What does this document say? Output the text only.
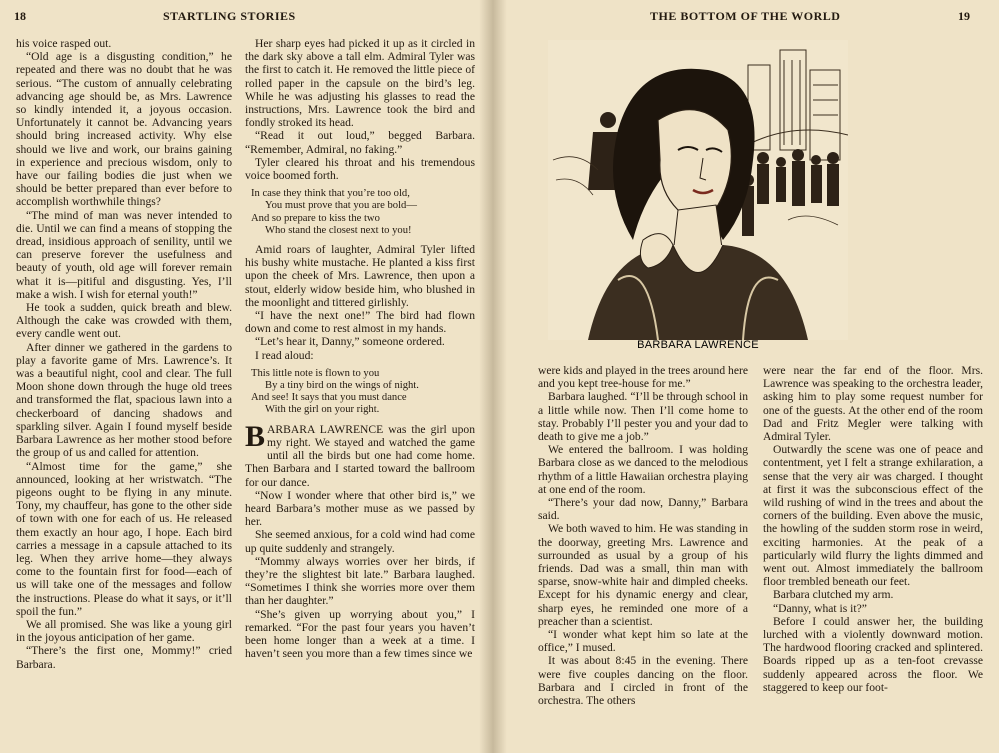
18	STARTLING STORIES

his voice rasped out.

“Old age is a disgusting condition,” he repeated and there was no doubt that he was serious. “The custom of annually celebrating advancing age should be, as Mrs. Lawrence so kindly intended it, a joyous occasion. Unfortunately it cannot be. Advancing years should bring increased activity. Why else should we live and work, our brains gaining in experience and precious wisdom, only to have our failing bodies die just when we should be better prepared than ever before to accomplish worthwhile things?

“The mind of man was never intended to die. Until we can find a means of stopping the dread, insidious approach of senility, until we can preserve forever the usefulness and beauty of youth, old age will forever remain what it is—pitiful and disgusting. Yes, I’ll make a wish. I wish for eternal youth!”

He took a sudden, quick breath and blew. Although the cake was crowded with them, every candle went out.

After dinner we gathered in the gardens to play a favorite game of Mrs. Lawrence’s. It was a beautiful night, cool and clear. The full Moon shone down through the huge old trees and transformed the flat, spacious lawn into a checkerboard of dancing shadows and sparkling silver. Again I found myself beside Barbara Lawrence as her mother stood before the group of us and called for attention.

“Almost time for the game,” she announced, looking at her wristwatch. “The pigeons ought to be flying in any minute. Tony, my chauffeur, has gone to the other side of town with one for each of us. He released them exactly an hour ago, I hope. Each bird carries a message in a capsule attached to its leg. When they arrive home—they always come to the fountain first for food—each of us will take one of the messages and follow the instructions. Please do what it says, or it’ll spoil the fun.”

We all promised. She was like a young girl in the joyous anticipation of her game.

“There’s the first one, Mommy!” cried Barbara.

Her sharp eyes had picked it up as it circled in the dark sky above a tall elm. Admiral Tyler was the first to catch it. He removed the little piece of rolled paper in the capsule on the bird’s leg. While he was adjusting his glasses to read the instructions, Mrs. Lawrence took the bird and fondly stroked its head.

“Read it out loud,” begged Barbara. “Remember, Admiral, no faking.”

Tyler cleared his throat and his tremendous voice boomed forth.

In case they think that you’re too old,
You must prove that you are bold—
And so prepare to kiss the two
Who stand the closest next to you!

Amid roars of laughter, Admiral Tyler lifted his bushy white mustache. He planted a kiss first upon the cheek of Mrs. Lawrence, then upon a stout, elderly widow beside him, who blushed in the moonlight and tittered girlishly.

“I have the next one!” The bird had flown down and come to rest almost in my hands.

“Let’s hear it, Danny,” someone ordered.

I read aloud:

This little note is flown to you
By a tiny bird on the wings of night.
And see! It says that you must dance
With the girl on your right.

BARBARA LAWRENCE was the girl upon my right. We stayed and watched the game until all the birds but one had come home. Then Barbara and I started toward the ballroom for our dance.

“Now I wonder where that other bird is,” we heard Barbara’s mother muse as we passed by her.

She seemed anxious, for a cold wind had come up quite suddenly and strangely.

“Mommy always worries over her birds, if they’re the slightest bit late.” Barbara laughed. “Sometimes I think she worries more over them than her daughter.”

“She’s given up worrying about you,” I remarked. “For the past four years you haven’t been home longer than a week at a time. I haven’t seen you more than a few times since we

THE BOTTOM OF THE WORLD	19

were kids and played in the trees around here and you kept tree-house for me.”

Barbara laughed. “I’ll be through school in a little while now. Then I’ll come home to stay. Probably I’ll pester you and your dad to death to give me a job.”

We entered the ballroom. I was holding Barbara close as we danced to the melodious rhythm of a little Hawaiian orchestra playing at one end of the room.

“There’s your dad now, Danny,” Barbara said.

We both waved to him. He was standing in the doorway, greeting Mrs. Lawrence and surrounded as usual by a group of his friends. Dad was a small, thin man with sparse, snow-white hair and dimpled cheeks. Except for his dynamic energy and clear, sharp eyes, he reminded one more of a preacher than a scientist.

“I wonder what kept him so late at the office,” I mused.

It was about 8:45 in the evening. There were five couples dancing on the floor. Barbara and I circled in front of the orchestra. The others

were near the far end of the floor. Mrs. Lawrence was speaking to the orchestra leader, asking him to play some request number for one of the guests. At the other end of the room Dad and Fritz Megler were talking with Admiral Tyler.

Outwardly the scene was one of peace and contentment, yet I felt a strange exhilaration, a sense that the very air was charged. I thought at first it was the subconscious effect of the wild rushing of wind in the trees and about the corners of the building. Even above the music, the howling of the sudden storm rose in weird, exciting harmonies. At the peak of a particularly wild flurry the lights dimmed and went out. Almost immediately the ballroom floor trembled beneath our feet.

Barbara clutched my arm.

“Danny, what is it?”

Before I could answer her, the building lurched with a violently downward motion. The hardwood flooring cracked and splintered. Boards ripped up as a ten-foot crevasse suddenly appeared across the floor. We staggered to keep our foot-

BARBARA LAWRENCE
